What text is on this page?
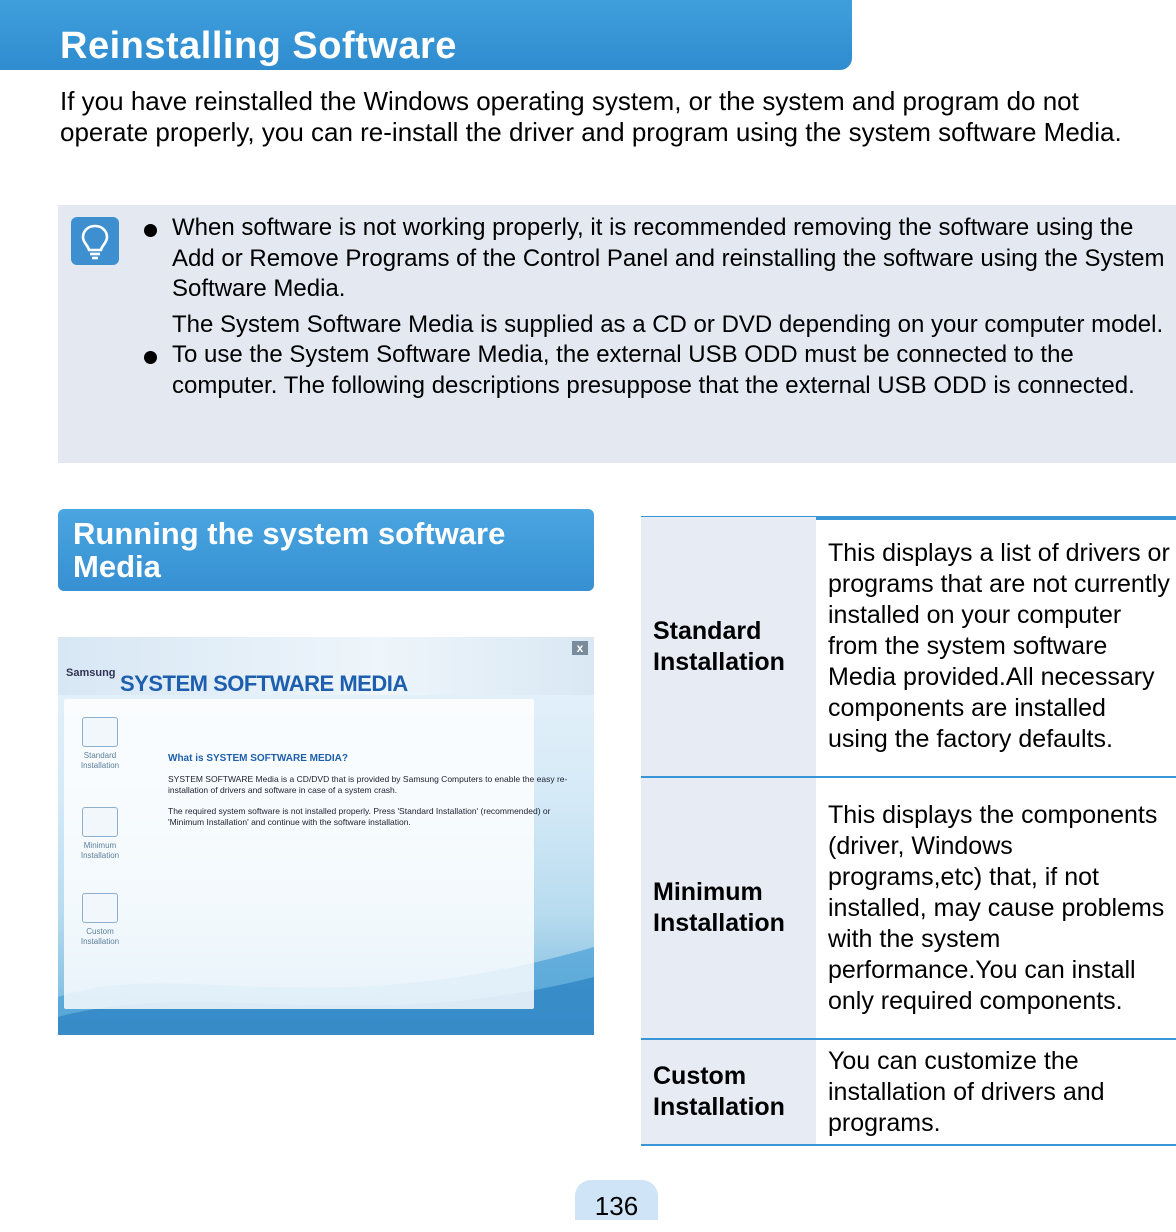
Reinstalling Software

If you have reinstalled the Windows operating system, or the system and program do not operate properly, you can re-install the driver and program using the system software Media.

When software is not working properly, it is recommended removing the software using the Add or Remove Programs of the Control Panel and reinstalling the software using the System Software Media.

The System Software Media is supplied as a CD or DVD depending on your computer model.

To use the System Software Media, the external USB ODD must be connected to the computer. The following descriptions presuppose that the external USB ODD is connected.

Running the system software Media
Samsung SYSTEM SOFTWARE MEDIA
x
Standard Installation
Minimum Installation
Custom Installation
What is SYSTEM SOFTWARE MEDIA?

SYSTEM SOFTWARE Media is a CD/DVD that is provided by Samsung Computers to enable the easy re-installation of drivers and software in case of a system crash.

The required system software is not installed properly. Press 'Standard Installation' (recommended) or 'Minimum Installation' and continue with the software installation.

Standard Installation	This displays a list of drivers or programs that are not currently installed on your computer from the system software Media provided.All necessary components are installed using the factory defaults.
Minimum Installation	This displays the components (driver, Windows programs,etc) that, if not installed, may cause problems with the system performance.You can install only required components.
Custom Installation	You can customize the installation of drivers and programs.
136
